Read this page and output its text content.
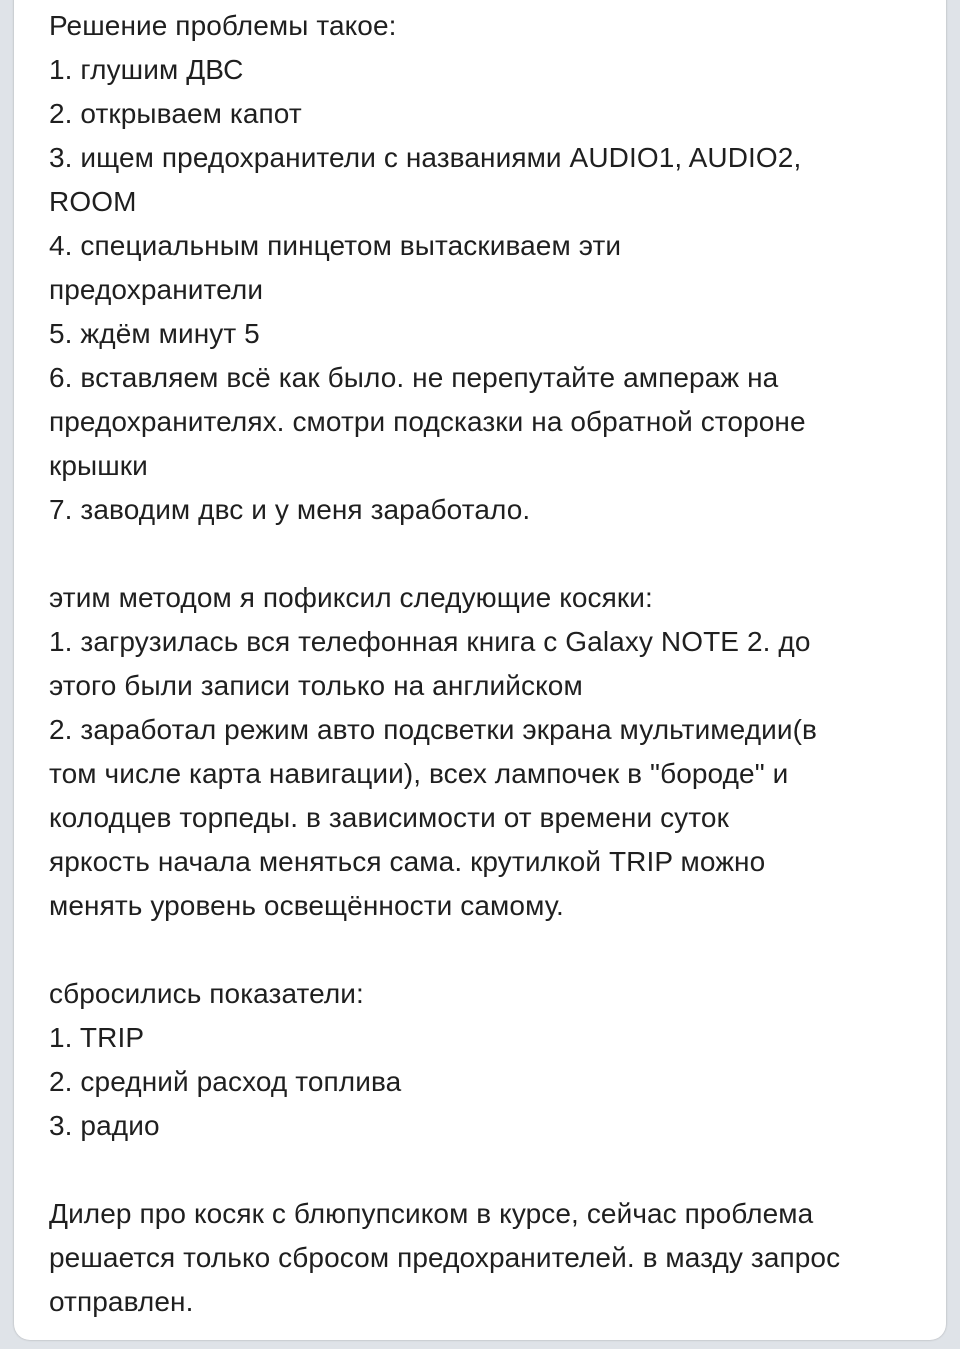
Решение проблемы такое:
1. глушим ДВС
2. открываем капот
3. ищем предохранители с названиями AUDIO1, AUDIO2,
ROOM
4. специальным пинцетом вытаскиваем эти
предохранители
5. ждём минут 5
6. вставляем всё как было. не перепутайте ампераж на
предохранителях. смотри подсказки на обратной стороне
крышки
7. заводим двс и у меня заработало.
этим методом я пофиксил следующие косяки:
1. загрузилась вся телефонная книга с Galaxy NOTE 2. до
этого были записи только на английском
2. заработал режим авто подсветки экрана мультимедии(в
том числе карта навигации), всех лампочек в "бороде" и
колодцев торпеды. в зависимости от времени суток
яркость начала меняться сама. крутилкой TRIP можно
менять уровень освещённости самому.
сбросились показатели:
1. TRIP
2. средний расход топлива
3. радио
Дилер про косяк с блюпупсиком в курсе, сейчас проблема
решается только сбросом предохранителей. в мазду запрос
отправлен.
